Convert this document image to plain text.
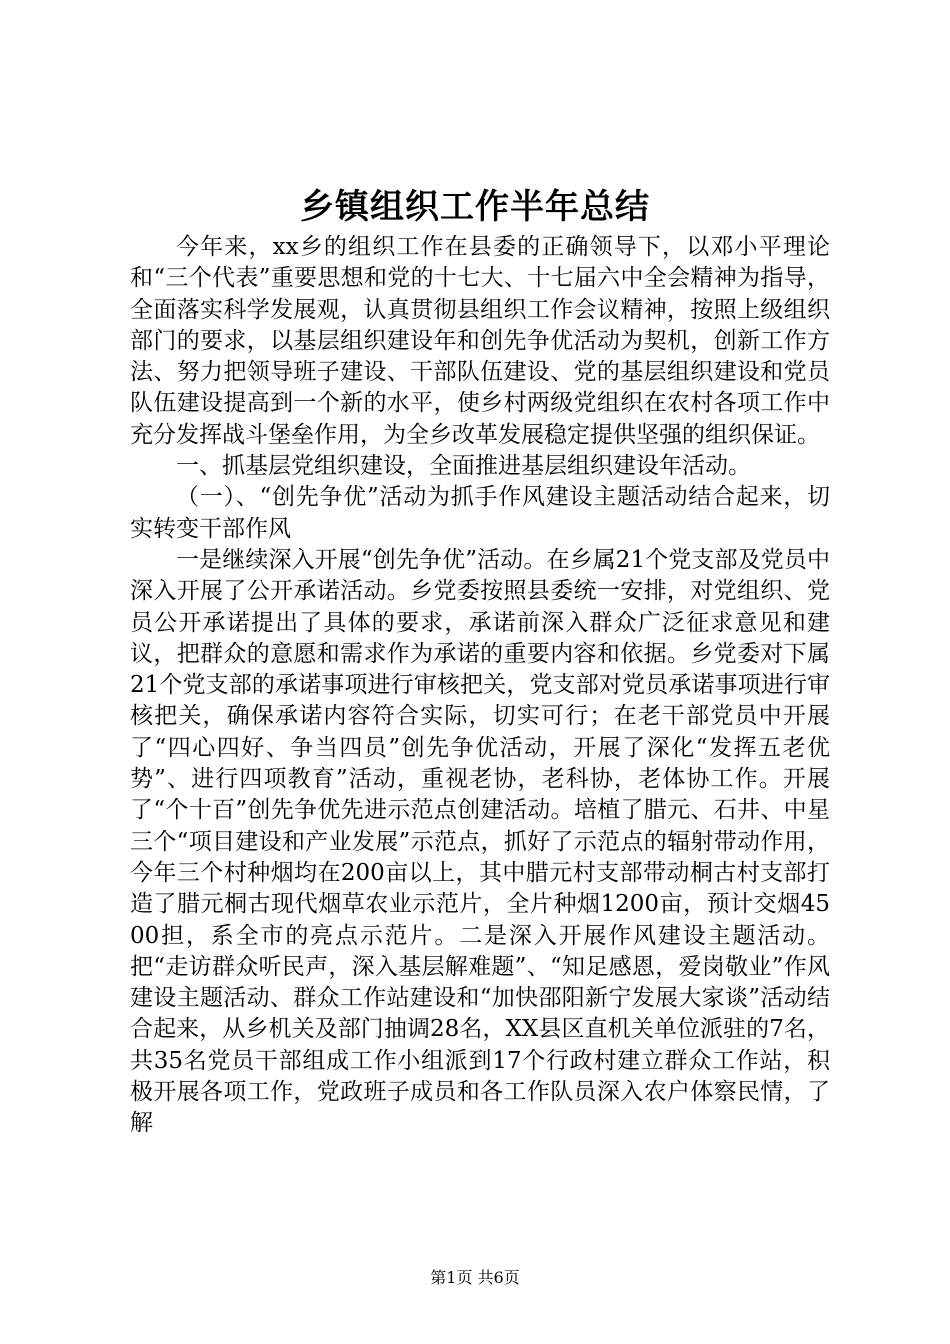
乡镇组织工作半年总结

今年来，xx乡的组织工作在县委的正确领导下，以邓小平理论和“三个代表”重要思想和党的十七大、十七届六中全会精神为指导，全面落实科学发展观，认真贯彻县组织工作会议精神，按照上级组织部门的要求，以基层组织建设年和创先争优活动为契机，创新工作方法、努力把领导班子建设、干部队伍建设、党的基层组织建设和党员队伍建设提高到一个新的水平，使乡村两级党组织在农村各项工作中充分发挥战斗堡垒作用，为全乡改革发展稳定提供坚强的组织保证。

一、抓基层党组织建设，全面推进基层组织建设年活动。

（一）、“创先争优”活动为抓手作风建设主题活动结合起来，切实转变干部作风

一是继续深入开展“创先争优”活动。在乡属21个党支部及党员中深入开展了公开承诺活动。乡党委按照县委统一安排，对党组织、党员公开承诺提出了具体的要求，承诺前深入群众广泛征求意见和建议，把群众的意愿和需求作为承诺的重要内容和依据。乡党委对下属21个党支部的承诺事项进行审核把关，党支部对党员承诺事项进行审核把关，确保承诺内容符合实际，切实可行；在老干部党员中开展了“四心四好、争当四员”创先争优活动，开展了深化“发挥五老优势”、进行四项教育”活动，重视老协，老科协，老体协工作。开展了“个十百”创先争优先进示范点创建活动。培植了腊元、石井、中星三个“项目建设和产业发展”示范点，抓好了示范点的辐射带动作用，今年三个村种烟均在200亩以上，其中腊元村支部带动桐古村支部打造了腊元桐古现代烟草农业示范片，全片种烟1200亩，预计交烟4500担，系全市的亮点示范片。二是深入开展作风建设主题活动。把“走访群众听民声，深入基层解难题”、“知足感恩，爱岗敬业”作风建设主题活动、群众工作站建设和“加快邵阳新宁发展大家谈”活动结合起来，从乡机关及部门抽调28名，XX县区直机关单位派驻的7名，共35名党员干部组成工作小组派到17个行政村建立群众工作站，积极开展各项工作，党政班子成员和各工作队员深入农户体察民情，了解

第1页 共6页
